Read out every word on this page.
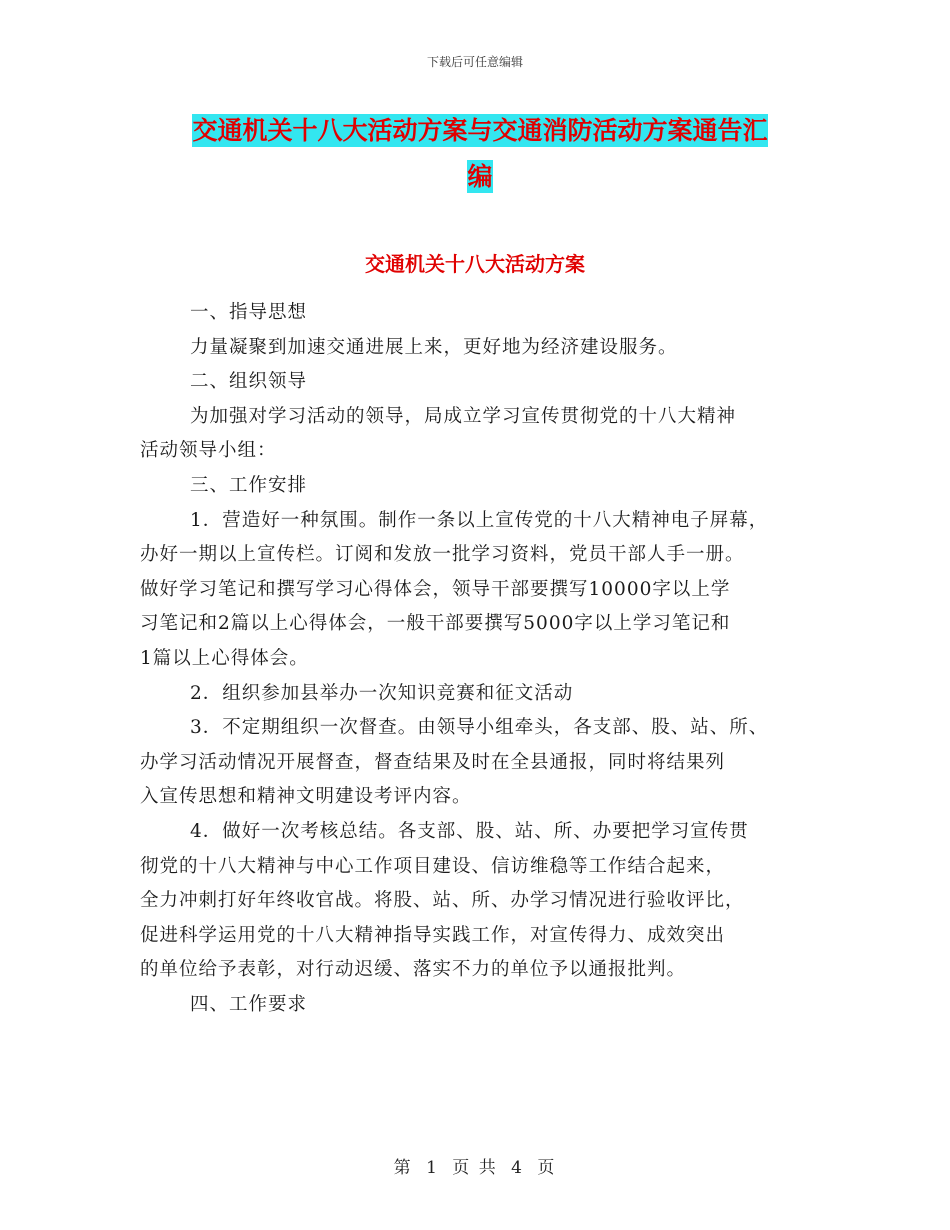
下载后可任意编辑
交通机关十八大活动方案与交通消防活动方案通告汇
编
交通机关十八大活动方案

一、指导思想

力量凝聚到加速交通进展上来，更好地为经济建设服务。

二、组织领导

为加强对学习活动的领导，局成立学习宣传贯彻党的十八大精神

活动领导小组：

三、工作安排

1．营造好一种氛围。制作一条以上宣传党的十八大精神电子屏幕，

办好一期以上宣传栏。订阅和发放一批学习资料，党员干部人手一册。

做好学习笔记和撰写学习心得体会，领导干部要撰写10000字以上学

习笔记和2篇以上心得体会，一般干部要撰写5000字以上学习笔记和

1篇以上心得体会。

2．组织参加县举办一次知识竞赛和征文活动

3．不定期组织一次督查。由领导小组牵头，各支部、股、站、所、

办学习活动情况开展督查，督查结果及时在全县通报，同时将结果列

入宣传思想和精神文明建设考评内容。

4．做好一次考核总结。各支部、股、站、所、办要把学习宣传贯

彻党的十八大精神与中心工作项目建设、信访维稳等工作结合起来，

全力冲刺打好年终收官战。将股、站、所、办学习情况进行验收评比，

促进科学运用党的十八大精神指导实践工作，对宣传得力、成效突出

的单位给予表彰，对行动迟缓、落实不力的单位予以通报批判。

四、工作要求

第 1 页 共 4 页
